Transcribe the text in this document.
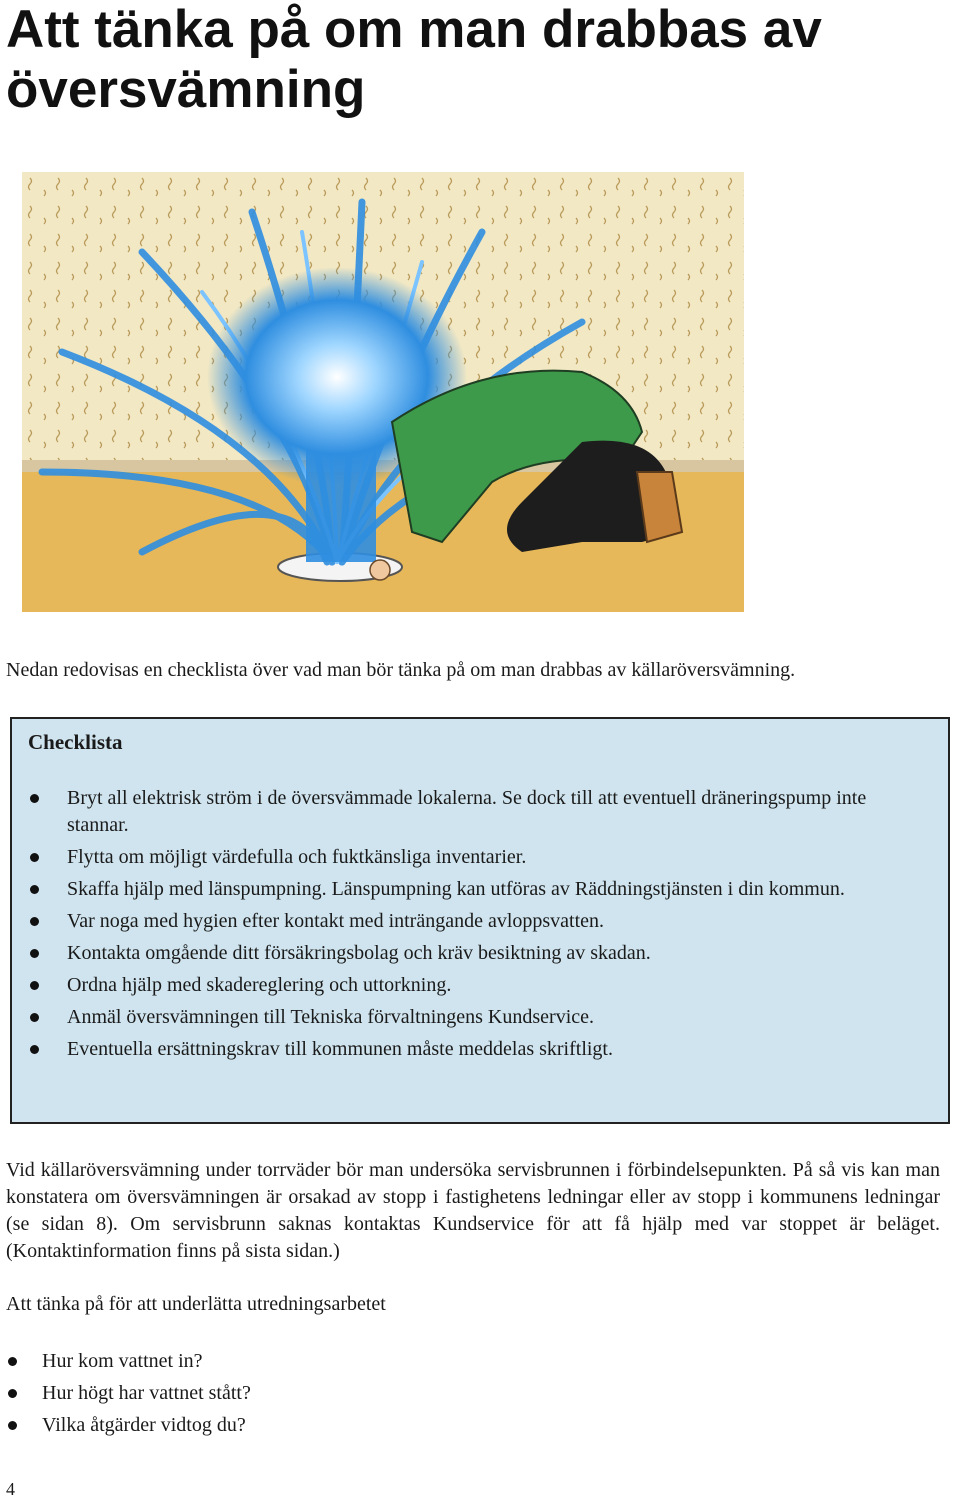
Att tänka på om man drabbas av översvämning

Nedan redovisas en checklista över vad man bör tänka på om man drabbas av källaröversvämning.

Checklista
Bryt all elektrisk ström i de översvämmade lokalerna. Se dock till att eventuell dräneringspump inte stannar.
Flytta om möjligt värdefulla och fuktkänsliga inventarier.
Skaffa hjälp med länspumpning. Länspumpning kan utföras av Räddningstjänsten i din kommun.
Var noga med hygien efter kontakt med inträngande avloppsvatten.
Kontakta omgående ditt försäkringsbolag och kräv besiktning av skadan.
Ordna hjälp med skadereglering och uttorkning.
Anmäl översvämningen till Tekniska förvaltningens Kundservice.
Eventuella ersättningskrav till kommunen måste meddelas skriftligt.

Vid källaröversvämning under torrväder bör man undersöka servisbrunnen i förbindelsepunkten. På så vis kan man konstatera om översvämningen är orsakad av stopp i fastighetens ledningar eller av stopp i kommunens ledningar (se sidan 8). Om servisbrunn saknas kontaktas Kundservice för att få hjälp med var stoppet är beläget. (Kontaktinformation finns på sista sidan.)

Att tänka på för att underlätta utredningsarbetet

Hur kom vattnet in?
Hur högt har vattnet stått?
Vilka åtgärder vidtog du?
4
